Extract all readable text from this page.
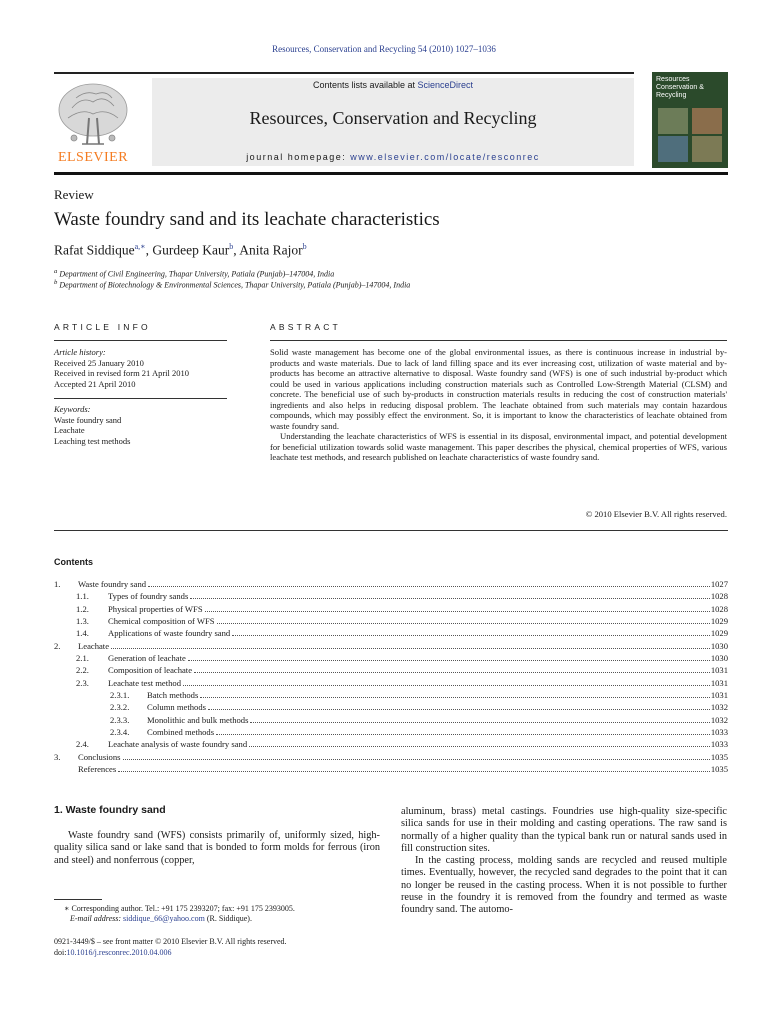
Resources, Conservation and Recycling 54 (2010) 1027–1036
ELSEVIER
Contents lists available at ScienceDirect
Resources, Conservation and Recycling
journal homepage: www.elsevier.com/locate/resconrec
Resources
Conservation &
Recycling
Review
Waste foundry sand and its leachate characteristics
Rafat Siddique$^{a,∗}$, Gurdeep Kaur$^b$, Anita Rajor$^b$
$^a$ Department of Civil Engineering, Thapar University, Patiala (Punjab)–147004, India
$^b$ Department of Biotechnology & Environmental Sciences, Thapar University, Patiala (Punjab)–147004, India
ARTICLE INFO
Article history:
Received 25 January 2010
Received in revised form 21 April 2010
Accepted 21 April 2010
Keywords:
Waste foundry sand
Leachate
Leaching test methods
ABSTRACT

Solid waste management has become one of the global environmental issues, as there is continuous increase in industrial by-products and waste materials. Due to lack of land filling space and its ever increasing cost, utilization of waste material and by-products has become an attractive alternative to disposal. Waste foundry sand (WFS) is one of such industrial by-product which could be used in various applications including construction materials such as Controlled Low-Strength Material (CLSM) and concrete. The beneficial use of such by-products in construction materials results in reducing the cost of construction materials' ingredients and also helps in reducing disposal problem. The leachate obtained from such materials may contain hazardous compounds, which may possibly effect the environment. So, it is important to know the characteristics of leachate obtained from waste foundry sand.

Understanding the leachate characteristics of WFS is essential in its disposal, environmental impact, and potential development for beneficial utilization towards solid waste management. This paper describes the physical, chemical properties of WFS, various leachate test methods, and research published on leachate characteristics of waste foundry sand.

© 2010 Elsevier B.V. All rights reserved.
Contents
1.	Waste foundry sand	1027
1.1.	Types of foundry sands	1028
1.2.	Physical properties of WFS	1028
1.3.	Chemical composition of WFS	1029
1.4.	Applications of waste foundry sand	1029
2.	Leachate	1030
2.1.	Generation of leachate	1030
2.2.	Composition of leachate	1031
2.3.	Leachate test method	1031
2.3.1.	Batch methods	1031
2.3.2.	Column methods	1032
2.3.3.	Monolithic and bulk methods	1032
2.3.4.	Combined methods	1033
2.4.	Leachate analysis of waste foundry sand	1033
3.	Conclusions	1035
References	1035
1. Waste foundry sand

Waste foundry sand (WFS) consists primarily of, uniformly sized, high-quality silica sand or lake sand that is bonded to form molds for ferrous (iron and steel) and nonferrous (copper,

aluminum, brass) metal castings. Foundries use high-quality size-specific silica sands for use in their molding and casting operations. The raw sand is normally of a higher quality than the typical bank run or natural sands used in fill construction sites.

In the casting process, molding sands are recycled and reused multiple times. Eventually, however, the recycled sand degrades to the point that it can no longer be reused in the casting process. When it is not possible to further reuse in the foundry it is removed from the foundry and termed as waste foundry sand. The automo-

∗ Corresponding author. Tel.: +91 175 2393207; fax: +91 175 2393005.
E-mail address: siddique_66@yahoo.com (R. Siddique).
0921-3449/$ – see front matter © 2010 Elsevier B.V. All rights reserved.
doi:10.1016/j.resconrec.2010.04.006
